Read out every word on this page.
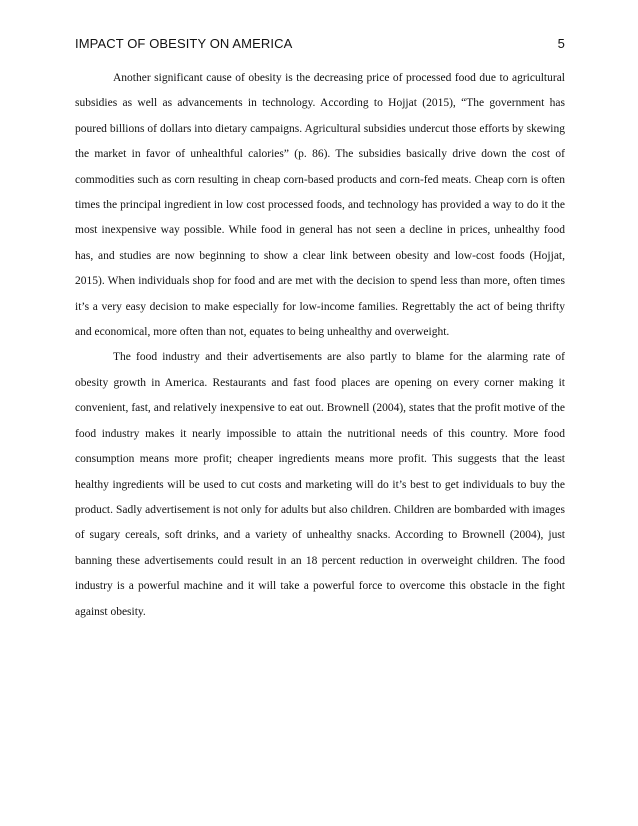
IMPACT OF OBESITY ON AMERICA	5

Another significant cause of obesity is the decreasing price of processed food due to agricultural subsidies as well as advancements in technology. According to Hojjat (2015), “The government has poured billions of dollars into dietary campaigns. Agricultural subsidies undercut those efforts by skewing the market in favor of unhealthful calories” (p. 86). The subsidies basically drive down the cost of commodities such as corn resulting in cheap corn-based products and corn-fed meats. Cheap corn is often times the principal ingredient in low cost processed foods, and technology has provided a way to do it the most inexpensive way possible. While food in general has not seen a decline in prices, unhealthy food has, and studies are now beginning to show a clear link between obesity and low-cost foods (Hojjat, 2015). When individuals shop for food and are met with the decision to spend less than more, often times it’s a very easy decision to make especially for low-income families. Regrettably the act of being thrifty and economical, more often than not, equates to being unhealthy and overweight.

The food industry and their advertisements are also partly to blame for the alarming rate of obesity growth in America. Restaurants and fast food places are opening on every corner making it convenient, fast, and relatively inexpensive to eat out. Brownell (2004), states that the profit motive of the food industry makes it nearly impossible to attain the nutritional needs of this country. More food consumption means more profit; cheaper ingredients means more profit. This suggests that the least healthy ingredients will be used to cut costs and marketing will do it’s best to get individuals to buy the product. Sadly advertisement is not only for adults but also children. Children are bombarded with images of sugary cereals, soft drinks, and a variety of unhealthy snacks. According to Brownell (2004), just banning these advertisements could result in an 18 percent reduction in overweight children. The food industry is a powerful machine and it will take a powerful force to overcome this obstacle in the fight against obesity.
